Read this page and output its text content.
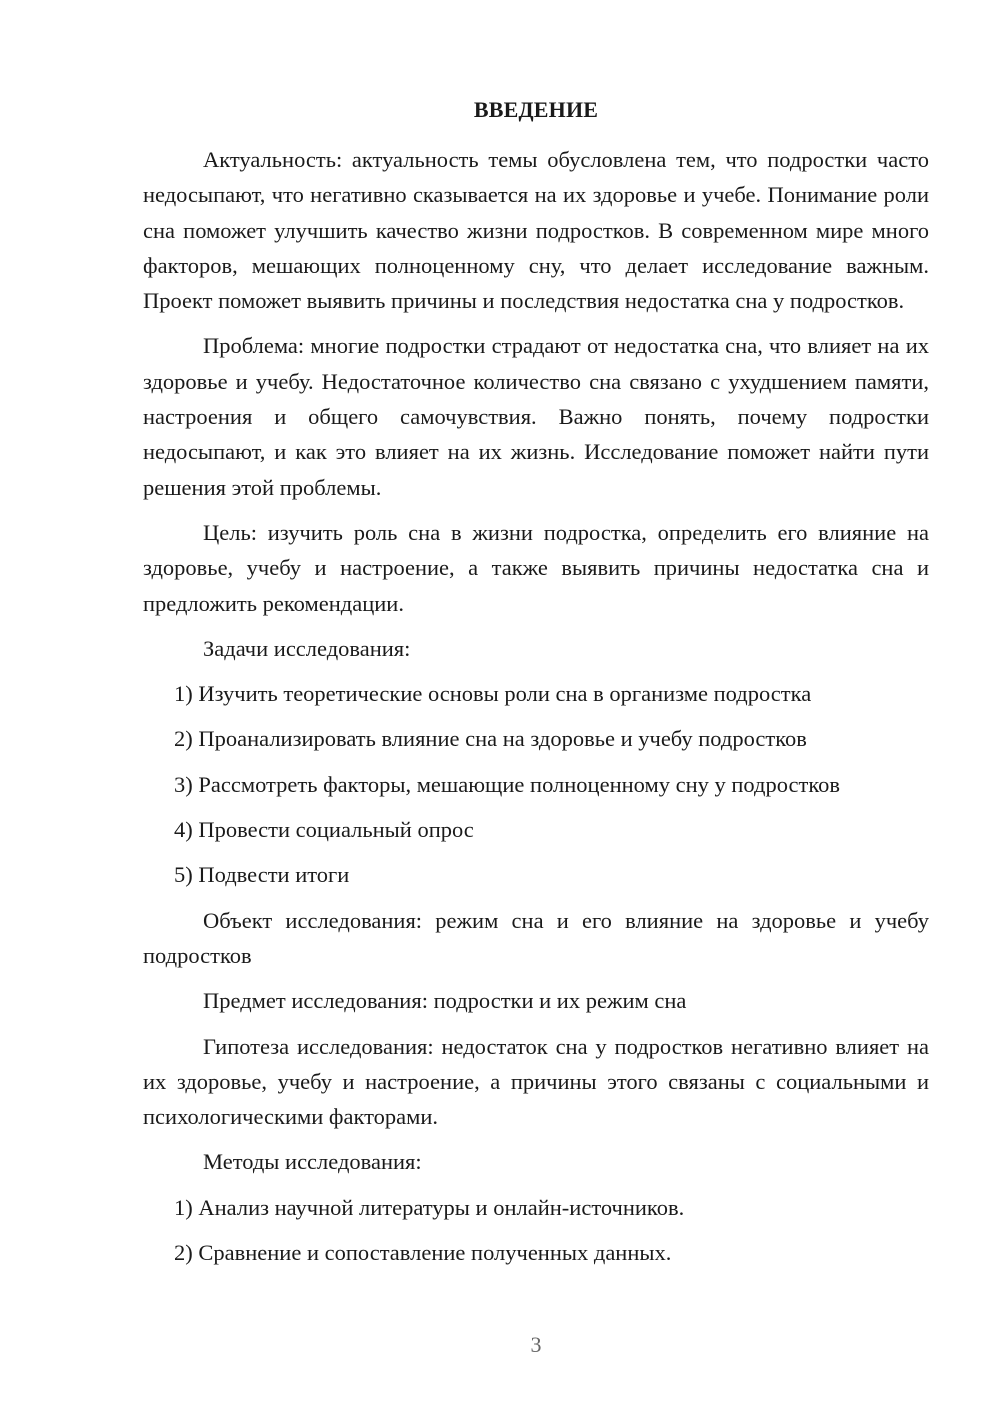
ВВЕДЕНИЕ

Актуальность: актуальность темы обусловлена тем, что подростки часто недосыпают, что негативно сказывается на их здоровье и учебе. Понимание роли сна поможет улучшить качество жизни подростков. В современном мире много факторов, мешающих полноценному сну, что делает исследование важным. Проект поможет выявить причины и последствия недостатка сна у подростков.

Проблема: многие подростки страдают от недостатка сна, что влияет на их здоровье и учебу. Недостаточное количество сна связано с ухудшением памяти, настроения и общего самочувствия. Важно понять, почему подростки недосыпают, и как это влияет на их жизнь. Исследование поможет найти пути решения этой проблемы.

Цель: изучить роль сна в жизни подростка, определить его влияние на здоровье, учебу и настроение, а также выявить причины недостатка сна и предложить рекомендации.

Задачи исследования:

1) Изучить теоретические основы роли сна в организме подростка
2) Проанализировать влияние сна на здоровье и учебу подростков
3) Рассмотреть факторы, мешающие полноценному сну у подростков
4) Провести социальный опрос
5) Подвести итоги

Объект исследования: режим сна и его влияние на здоровье и учебу подростков

Предмет исследования: подростки и их режим сна

Гипотеза исследования: недостаток сна у подростков негативно влияет на их здоровье, учебу и настроение, а причины этого связаны с социальными и психологическими факторами.

Методы исследования:

1) Анализ научной литературы и онлайн-источников.
2) Сравнение и сопоставление полученных данных.
3
